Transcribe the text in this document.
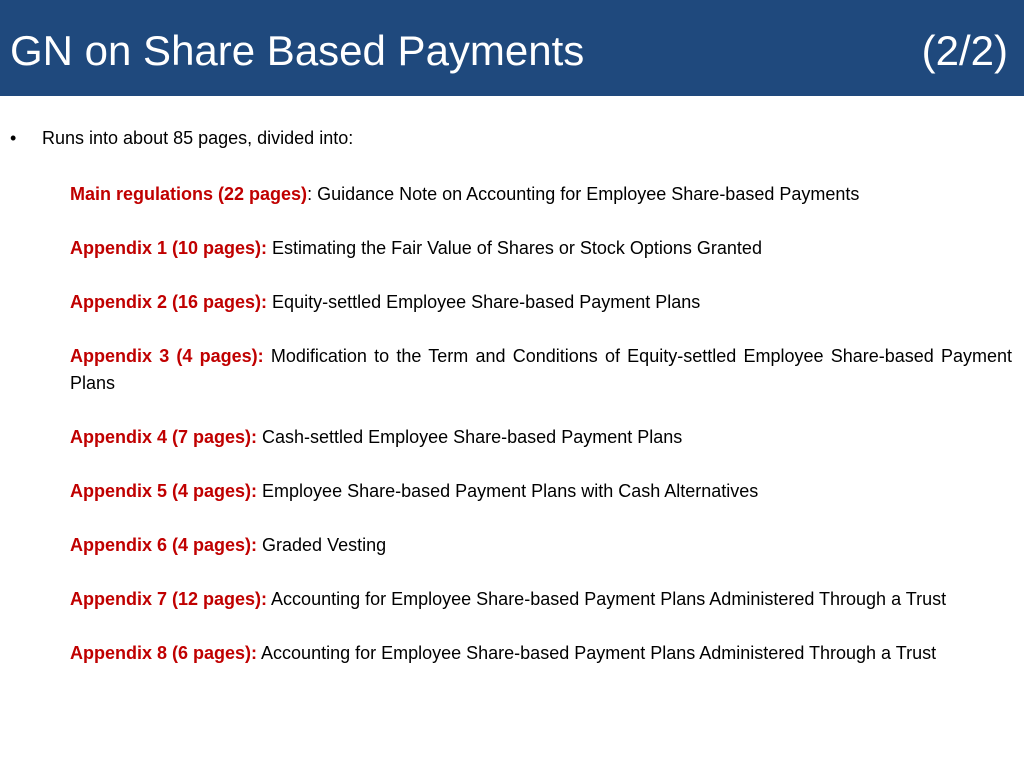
GN on Share Based Payments	(2/2)
• Runs into about 85 pages, divided into:

Main regulations (22 pages): Guidance Note on Accounting for Employee Share-based Payments

Appendix 1 (10 pages): Estimating the Fair Value of Shares or Stock Options Granted

Appendix 2 (16 pages): Equity-settled Employee Share-based Payment Plans

Appendix 3 (4 pages): Modification to the Term and Conditions of Equity-settled Employee Share-based Payment Plans

Appendix 4 (7 pages): Cash-settled Employee Share-based Payment Plans

Appendix 5 (4 pages): Employee Share-based Payment Plans with Cash Alternatives

Appendix 6 (4 pages): Graded Vesting

Appendix 7 (12 pages): Accounting for Employee Share-based Payment Plans Administered Through a Trust

Appendix 8 (6 pages): Accounting for Employee Share-based Payment Plans Administered Through a Trust
